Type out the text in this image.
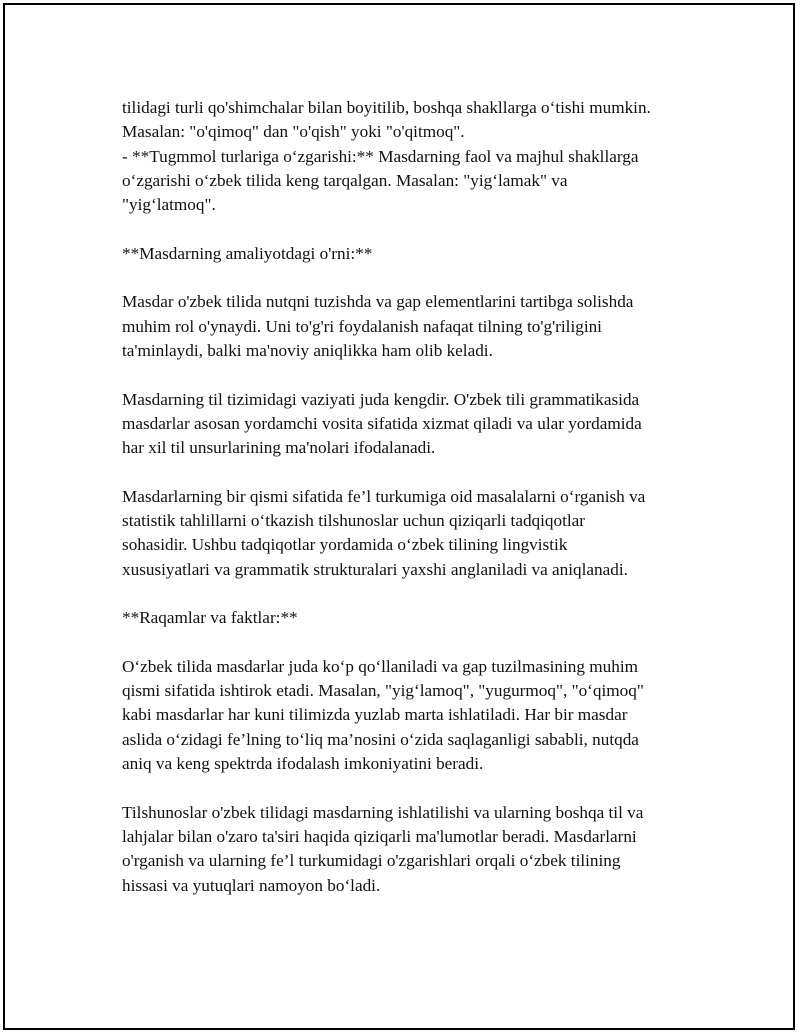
tilidagi turli qo'shimchalar bilan boyitilib, boshqa shakllarga o‘tishi mumkin.
Masalan: "o'qimoq" dan "o'qish" yoki "o'qitmoq".
- **Tugmmol turlariga o‘zgarishi:** Masdarning faol va majhul shakllarga
o‘zgarishi o‘zbek tilida keng tarqalgan. Masalan: "yig‘lamak" va
"yig‘latmoq".
**Masdarning amaliyotdagi o'rni:**
Masdar o'zbek tilida nutqni tuzishda va gap elementlarini tartibga solishda
muhim rol o'ynaydi. Uni to'g'ri foydalanish nafaqat tilning to'g'riligini
ta'minlaydi, balki ma'noviy aniqlikka ham olib keladi.
Masdarning til tizimidagi vaziyati juda kengdir. O'zbek tili grammatikasida
masdarlar asosan yordamchi vosita sifatida xizmat qiladi va ular yordamida
har xil til unsurlarining ma'nolari ifodalanadi.
Masdarlarning bir qismi sifatida fe’l turkumiga oid masalalarni o‘rganish va
statistik tahlillarni o‘tkazish tilshunoslar uchun qiziqarli tadqiqotlar
sohasidir. Ushbu tadqiqotlar yordamida o‘zbek tilining lingvistik
xususiyatlari va grammatik strukturalari yaxshi anglaniladi va aniqlanadi.
**Raqamlar va faktlar:**
O‘zbek tilida masdarlar juda ko‘p qo‘llaniladi va gap tuzilmasining muhim
qismi sifatida ishtirok etadi. Masalan, "yig‘lamoq", "yugurmoq", "o‘qimoq"
kabi masdarlar har kuni tilimizda yuzlab marta ishlatiladi. Har bir masdar
aslida o‘zidagi fe’lning to‘liq ma’nosini o‘zida saqlaganligi sababli, nutqda
aniq va keng spektrda ifodalash imkoniyatini beradi.
Tilshunoslar o'zbek tilidagi masdarning ishlatilishi va ularning boshqa til va
lahjalar bilan o'zaro ta'siri haqida qiziqarli ma'lumotlar beradi. Masdarlarni
o'rganish va ularning fe’l turkumidagi o'zgarishlari orqali o‘zbek tilining
hissasi va yutuqlari namoyon bo‘ladi.
